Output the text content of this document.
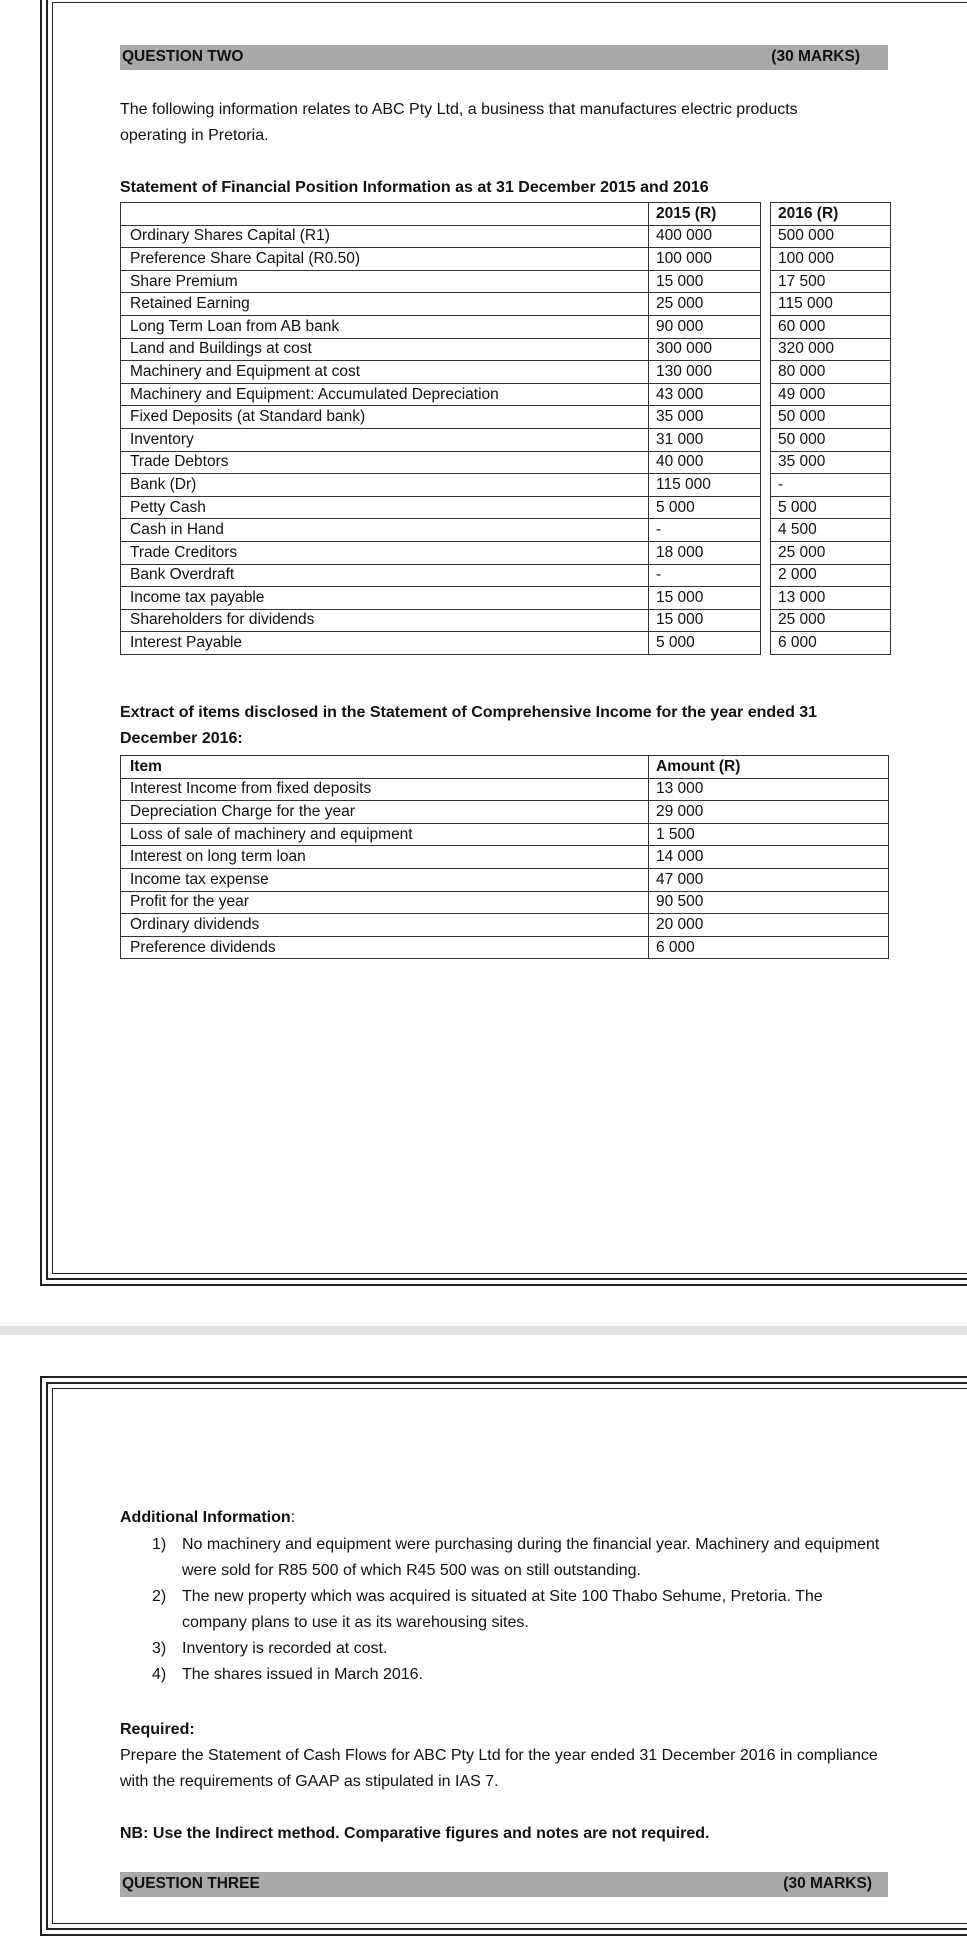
QUESTION TWO	(30 MARKS)
The following information relates to ABC Pty Ltd, a business that manufactures electric products operating in Pretoria.
Statement of Financial Position Information as at 31 December 2015 and 2016
	2015 (R)		2016 (R)
Ordinary Shares Capital (R1)	400 000		500 000
Preference Share Capital (R0.50)	100 000		100 000
Share Premium	15 000		17 500
Retained Earning	25 000		115 000
Long Term Loan from AB bank	90 000		60 000
Land and Buildings at cost	300 000		320 000
Machinery and Equipment at cost	130 000		80 000
Machinery and Equipment: Accumulated Depreciation	43 000		49 000
Fixed Deposits (at Standard bank)	35 000		50 000
Inventory	31 000		50 000
Trade Debtors	40 000		35 000
Bank (Dr)	115 000		-
Petty Cash	5 000		5 000
Cash in Hand	-		4 500
Trade Creditors	18 000		25 000
Bank Overdraft	-		2 000
Income tax payable	15 000		13 000
Shareholders for dividends	15 000		25 000
Interest Payable	5 000		6 000
Extract of items disclosed in the Statement of Comprehensive Income for the year ended 31 December 2016:
Item	Amount (R)
Interest Income from fixed deposits	13 000
Depreciation Charge for the year	29 000
Loss of sale of machinery and equipment	1 500
Interest on long term loan	14 000
Income tax expense	47 000
Profit for the year	90 500
Ordinary dividends	20 000
Preference dividends	6 000
Additional Information:
1) No machinery and equipment were purchasing during the financial year. Machinery and equipment were sold for R85 500 of which R45 500 was on still outstanding.
2) The new property which was acquired is situated at Site 100 Thabo Sehume, Pretoria. The company plans to use it as its warehousing sites.
3) Inventory is recorded at cost.
4) The shares issued in March 2016.
Required:
Prepare the Statement of Cash Flows for ABC Pty Ltd for the year ended 31 December 2016 in compliance with the requirements of GAAP as stipulated in IAS 7.
NB: Use the Indirect method. Comparative figures and notes are not required.
QUESTION THREE	(30 MARKS)
